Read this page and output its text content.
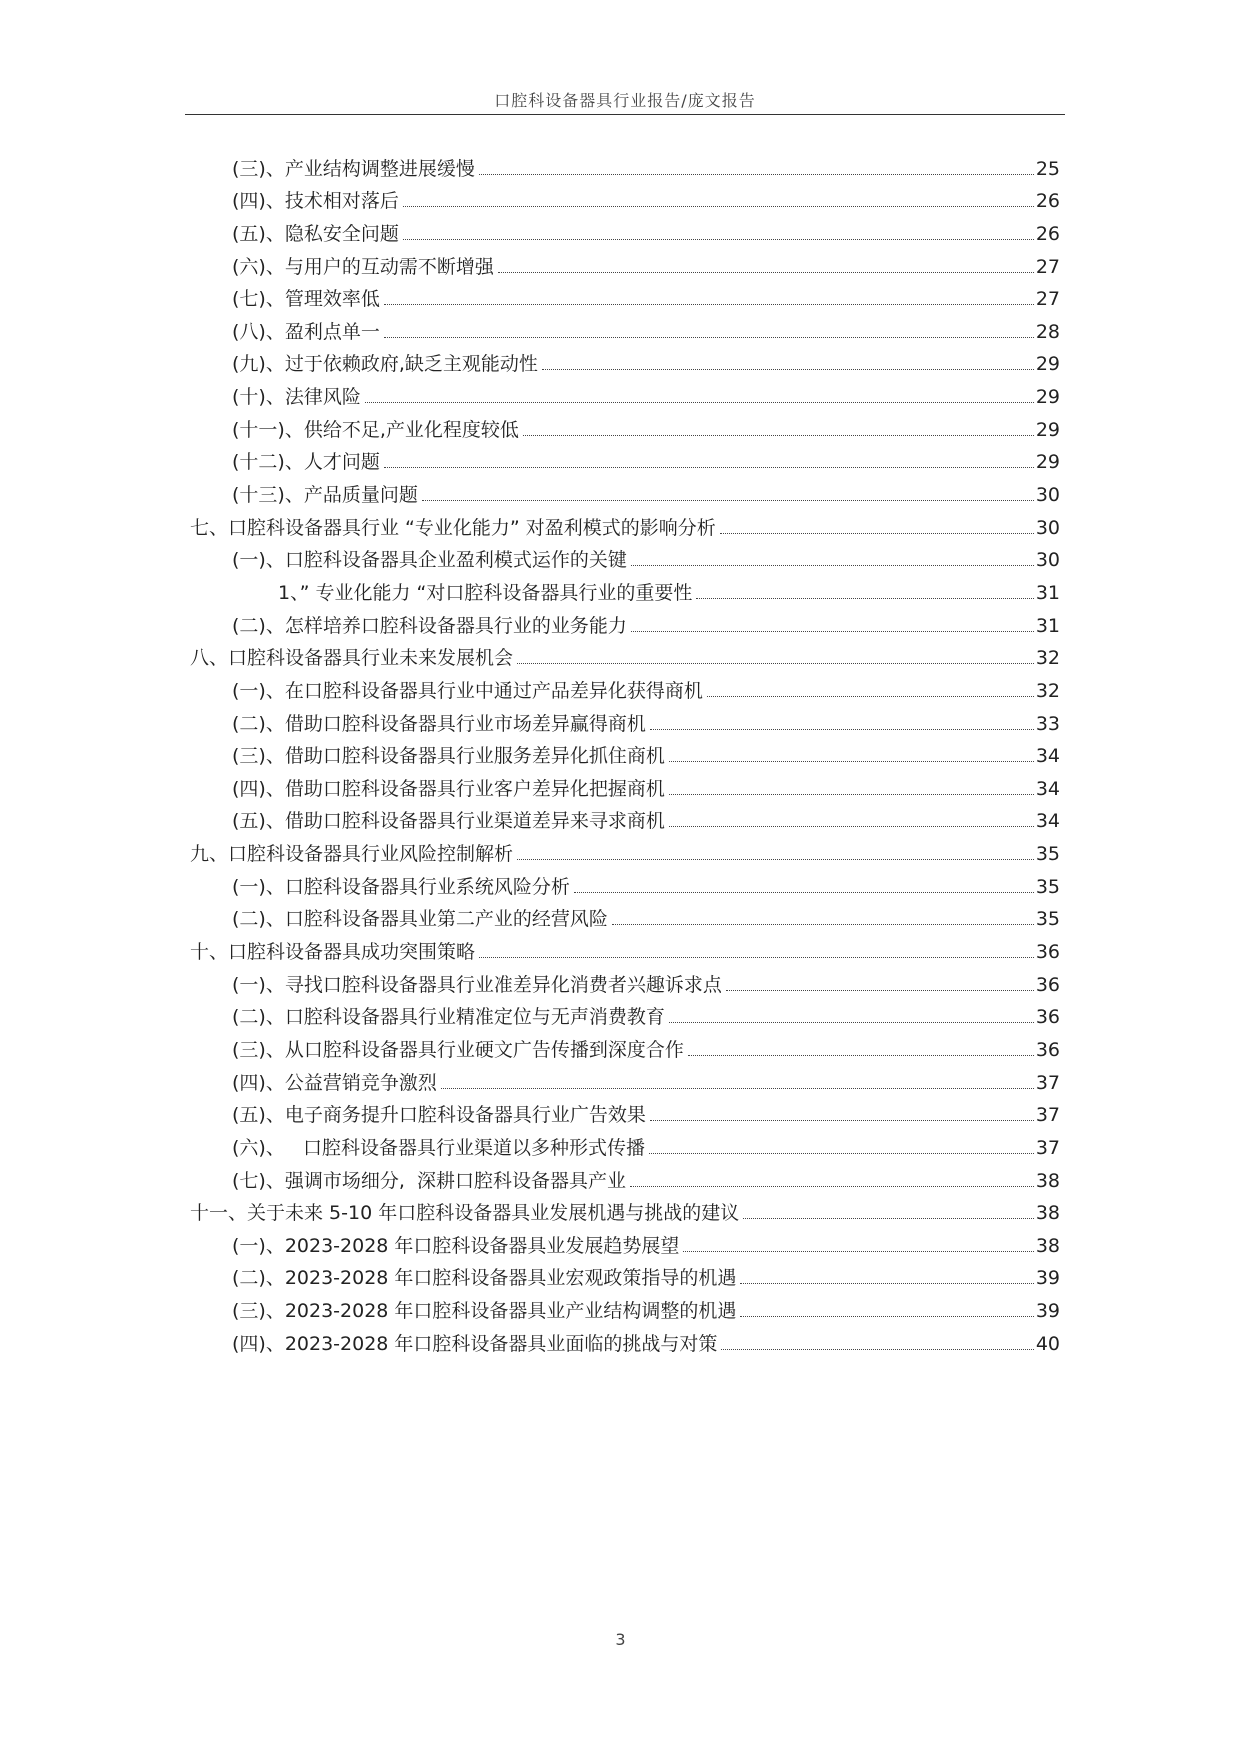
口腔科设备器具行业报告/庞文报告
(三)、产业结构调整进展缓慢	25
(四)、技术相对落后	26
(五)、隐私安全问题	26
(六)、与用户的互动需不断增强	27
(七)、管理效率低	27
(八)、盈利点单一	28
(九)、过于依赖政府,缺乏主观能动性	29
(十)、法律风险	29
(十一)、供给不足,产业化程度较低	29
(十二)、人才问题	29
(十三)、产品质量问题	30
七、口腔科设备器具行业 “专业化能力” 对盈利模式的影响分析	30
(一)、口腔科设备器具企业盈利模式运作的关键	30
1、” 专业化能力 “对口腔科设备器具行业的重要性	31
(二)、怎样培养口腔科设备器具行业的业务能力	31
八、口腔科设备器具行业未来发展机会	32
(一)、在口腔科设备器具行业中通过产品差异化获得商机	32
(二)、借助口腔科设备器具行业市场差异赢得商机	33
(三)、借助口腔科设备器具行业服务差异化抓住商机	34
(四)、借助口腔科设备器具行业客户差异化把握商机	34
(五)、借助口腔科设备器具行业渠道差异来寻求商机	34
九、口腔科设备器具行业风险控制解析	35
(一)、口腔科设备器具行业系统风险分析	35
(二)、口腔科设备器具业第二产业的经营风险	35
十、口腔科设备器具成功突围策略	36
(一)、寻找口腔科设备器具行业准差异化消费者兴趣诉求点	36
(二)、口腔科设备器具行业精准定位与无声消费教育	36
(三)、从口腔科设备器具行业硬文广告传播到深度合作	36
(四)、公益营销竞争激烈	37
(五)、电子商务提升口腔科设备器具行业广告效果	37
(六)、   口腔科设备器具行业渠道以多种形式传播	37
(七)、强调市场细分,  深耕口腔科设备器具产业	38
十一、关于未来 5-10 年口腔科设备器具业发展机遇与挑战的建议	38
(一)、2023-2028 年口腔科设备器具业发展趋势展望	38
(二)、2023-2028 年口腔科设备器具业宏观政策指导的机遇	39
(三)、2023-2028 年口腔科设备器具业产业结构调整的机遇	39
(四)、2023-2028 年口腔科设备器具业面临的挑战与对策	40
3
